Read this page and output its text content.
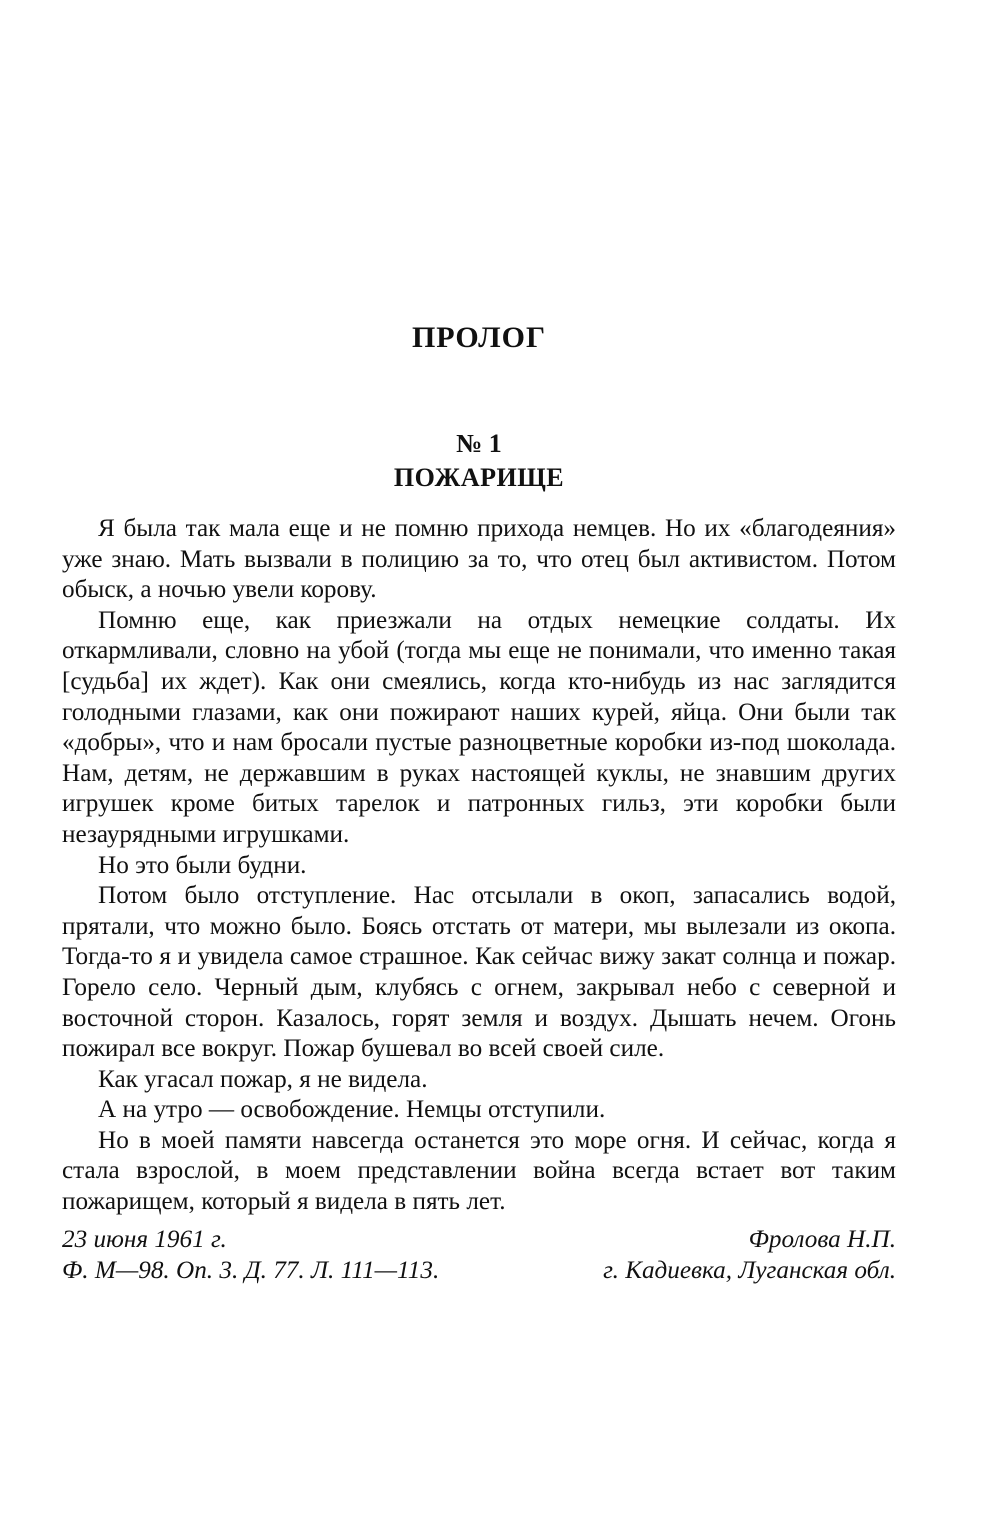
ПРОЛОГ
№ 1
ПОЖАРИЩЕ

Я была так мала еще и не помню прихода немцев. Но их «благодеяния» уже знаю. Мать вызвали в полицию за то, что отец был активистом. Потом обыск, а ночью увели корову.

Помню еще, как приезжали на отдых немецкие солдаты. Их откармливали, словно на убой (тогда мы еще не понимали, что именно такая [судьба] их ждет). Как они смеялись, когда кто-нибудь из нас заглядится голодными глазами, как они пожирают наших курей, яйца. Они были так «добры», что и нам бросали пустые разноцветные коробки из-под шоколада. Нам, детям, не державшим в руках настоящей куклы, не знавшим других игрушек кроме битых тарелок и патронных гильз, эти коробки были незаурядными игрушками.

Но это были будни.

Потом было отступление. Нас отсылали в окоп, запасались водой, прятали, что можно было. Боясь отстать от матери, мы вылезали из окопа. Тогда-то я и увидела самое страшное. Как сейчас вижу закат солнца и пожар. Горело село. Черный дым, клубясь с огнем, закрывал небо с северной и восточной сторон. Казалось, горят земля и воздух. Дышать нечем. Огонь пожирал все вокруг. Пожар бушевал во всей своей силе.

Как угасал пожар, я не видела.

А на утро — освобождение. Немцы отступили.

Но в моей памяти навсегда останется это море огня. И сейчас, когда я стала взрослой, в моем представлении война всегда встает вот таким пожарищем, который я видела в пять лет.

23 июня 1961 г.
Ф. М—98. Оп. 3. Д. 77. Л. 111—113.
Фролова Н.П.
г. Кадиевка, Луганская обл.
